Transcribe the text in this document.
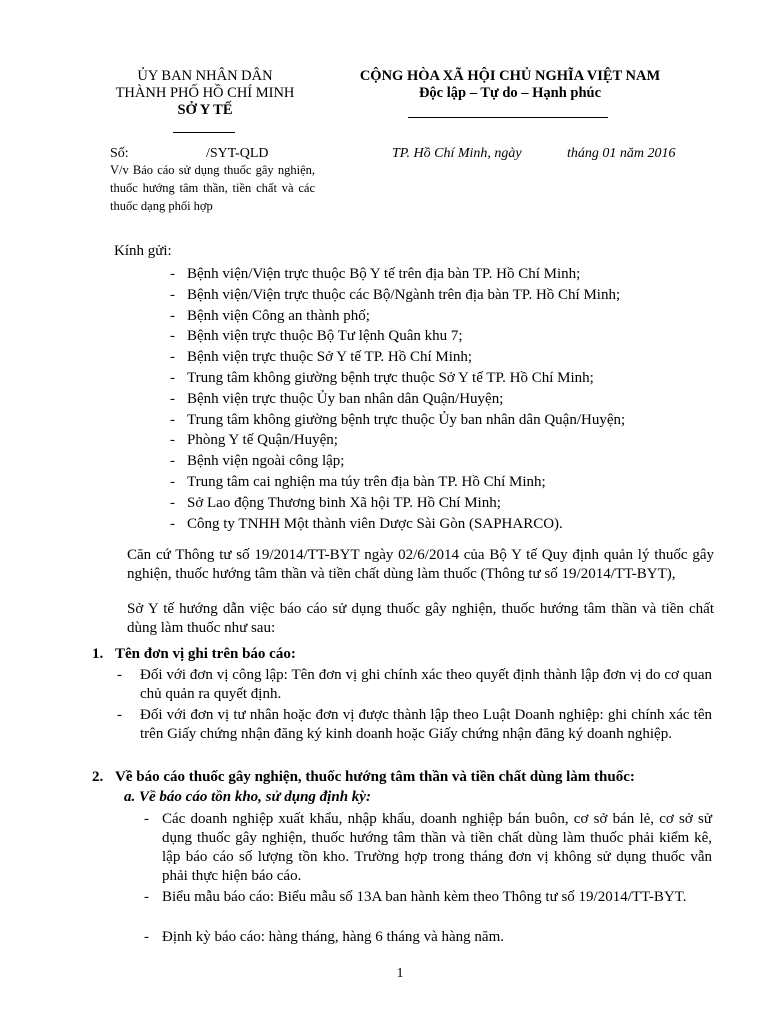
ỦY BAN NHÂN DÂN
THÀNH PHỐ HỒ CHÍ MINH
SỞ Y TẾ
CỘNG HÒA XÃ HỘI CHỦ NGHĨA VIỆT NAM
Độc lập – Tự do – Hạnh phúc
Số:	/SYT-QLD
V/v Báo cáo sử dụng thuốc gây nghiện, thuốc hướng tâm thần, tiền chất và các thuốc dạng phối hợp
TP. Hồ Chí Minh, ngày	tháng 01 năm 2016
Kính gửi:
- Bệnh viện/Viện trực thuộc Bộ Y tế trên địa bàn TP. Hồ Chí Minh;
- Bệnh viện/Viện trực thuộc các Bộ/Ngành trên địa bàn TP. Hồ Chí Minh;
- Bệnh viện Công an thành phố;
- Bệnh viện trực thuộc Bộ Tư lệnh Quân khu 7;
- Bệnh viện trực thuộc Sở Y tế TP. Hồ Chí Minh;
- Trung tâm không giường bệnh trực thuộc Sở Y tế TP. Hồ Chí Minh;
- Bệnh viện trực thuộc Ủy ban nhân dân Quận/Huyện;
- Trung tâm không giường bệnh trực thuộc Ủy ban nhân dân Quận/Huyện;
- Phòng Y tế Quận/Huyện;
- Bệnh viện ngoài công lập;
- Trung tâm cai nghiện ma túy trên địa bàn TP. Hồ Chí Minh;
- Sở Lao động Thương binh Xã hội TP. Hồ Chí Minh;
- Công ty TNHH Một thành viên Dược Sài Gòn (SAPHARCO).
Căn cứ Thông tư số 19/2014/TT-BYT ngày 02/6/2014 của Bộ Y tế Quy định quản lý thuốc gây nghiện, thuốc hướng tâm thần và tiền chất dùng làm thuốc (Thông tư số 19/2014/TT-BYT),
Sở Y tế hướng dẫn việc báo cáo sử dụng thuốc gây nghiện, thuốc hướng tâm thần và tiền chất dùng làm thuốc như sau:
1. Tên đơn vị ghi trên báo cáo:
- Đối với đơn vị công lập: Tên đơn vị ghi chính xác theo quyết định thành lập đơn vị do cơ quan chủ quản ra quyết định.
- Đối với đơn vị tư nhân hoặc đơn vị được thành lập theo Luật Doanh nghiệp: ghi chính xác tên trên Giấy chứng nhận đăng ký kinh doanh hoặc Giấy chứng nhận đăng ký doanh nghiệp.
2. Về báo cáo thuốc gây nghiện, thuốc hướng tâm thần và tiền chất dùng làm thuốc:
a. Về báo cáo tồn kho, sử dụng định kỳ:
- Các doanh nghiệp xuất khẩu, nhập khẩu, doanh nghiệp bán buôn, cơ sở bán lẻ, cơ sở sử dụng thuốc gây nghiện, thuốc hướng tâm thần và tiền chất dùng làm thuốc phải kiểm kê, lập báo cáo số lượng tồn kho. Trường hợp trong tháng đơn vị không sử dụng thuốc vẫn phải thực hiện báo cáo.
- Biểu mẫu báo cáo: Biểu mẫu số 13A ban hành kèm theo Thông tư số 19/2014/TT-BYT.
- Định kỳ báo cáo: hàng tháng, hàng 6 tháng và hàng năm.
1
